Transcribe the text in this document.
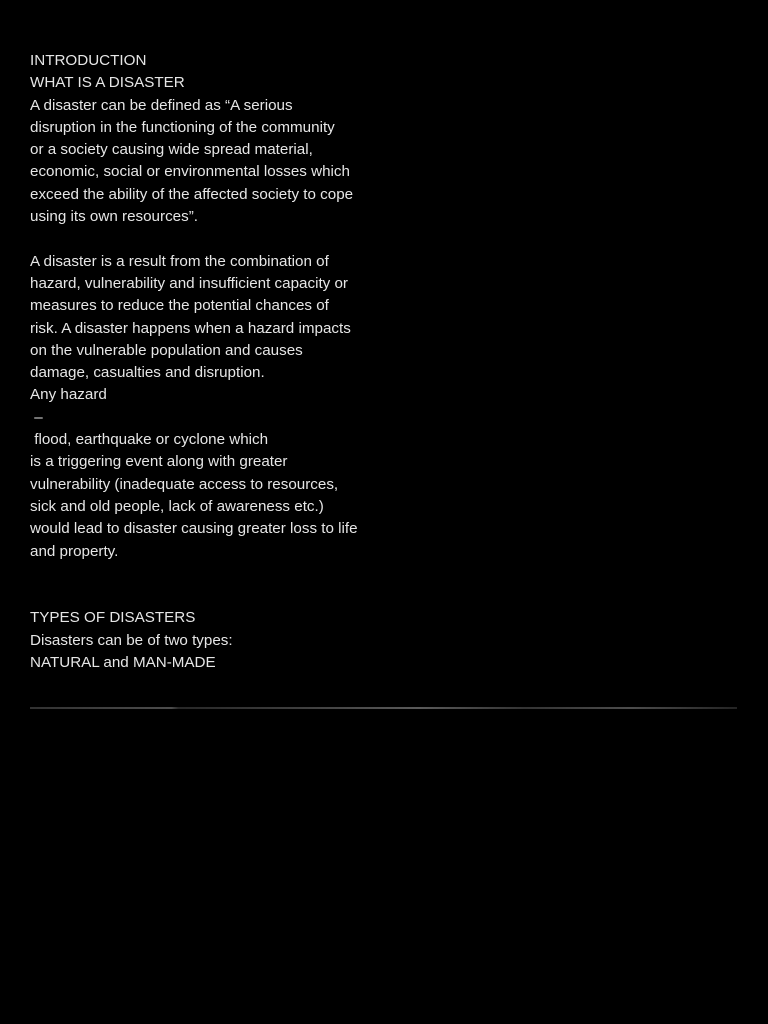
INTRODUCTION
WHAT IS A DISASTER
A disaster can be defined as “A serious
disruption in the functioning of the community
or a society causing wide spread material,
economic, social or environmental losses which
exceed the ability of the affected society to cope
using its own resources”.
A disaster is a result from the combination of
hazard, vulnerability and insufficient capacity or
measures to reduce the potential chances of
risk. A disaster happens when a hazard impacts
on the vulnerable population and causes
damage, casualties and disruption.
Any hazard
–
flood, earthquake or cyclone which
is a triggering event along with greater
vulnerability (inadequate access to resources,
sick and old people, lack of awareness etc.)
would lead to disaster causing greater loss to life
and property.
TYPES OF DISASTERS
Disasters can be of two types:
NATURAL and MAN-MADE
